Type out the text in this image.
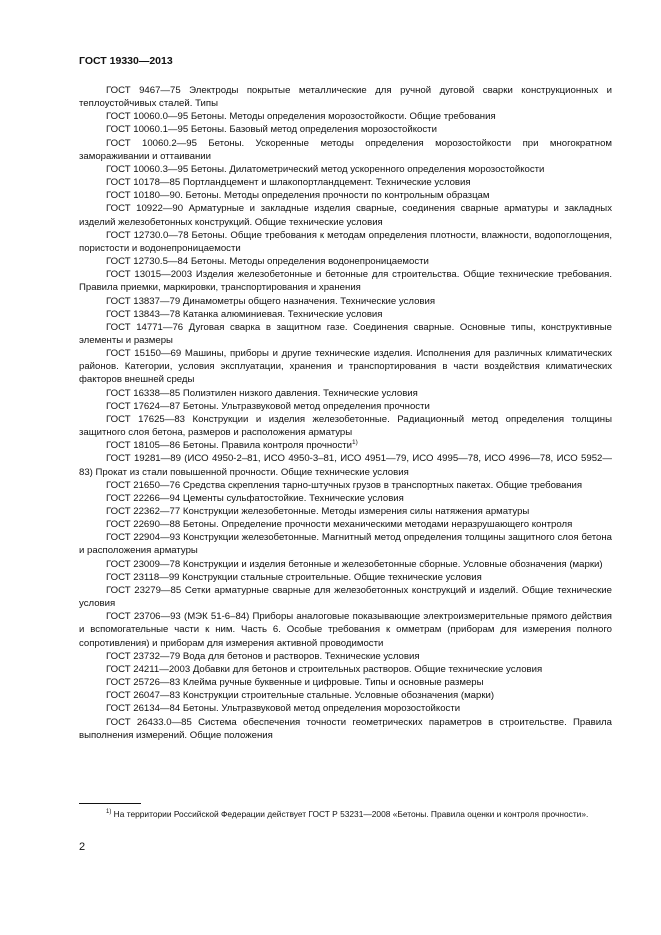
ГОСТ 19330—2013
ГОСТ 9467—75 Электроды покрытые металлические для ручной дуговой сварки конструкционных и теплоустойчивых сталей. Типы
ГОСТ 10060.0—95 Бетоны. Методы определения морозостойкости. Общие требования
ГОСТ 10060.1—95 Бетоны. Базовый метод определения морозостойкости
ГОСТ 10060.2—95 Бетоны. Ускоренные методы определения морозостойкости при многократном замораживании и оттаивании
ГОСТ 10060.3—95 Бетоны. Дилатометрический метод ускоренного определения морозостойкости
ГОСТ 10178—85 Портландцемент и шлакопортландцемент. Технические условия
ГОСТ 10180—90. Бетоны. Методы определения прочности по контрольным образцам
ГОСТ 10922—90 Арматурные и закладные изделия сварные, соединения сварные арматуры и закладных изделий железобетонных конструкций. Общие технические условия
ГОСТ 12730.0—78 Бетоны. Общие требования к методам определения плотности, влажности, водопоглощения, пористости и водонепроницаемости
ГОСТ 12730.5—84 Бетоны. Методы определения водонепроницаемости
ГОСТ 13015—2003 Изделия железобетонные и бетонные для строительства. Общие технические требования. Правила приемки, маркировки, транспортирования и хранения
ГОСТ 13837—79 Динамометры общего назначения. Технические условия
ГОСТ 13843—78 Катанка алюминиевая. Технические условия
ГОСТ 14771—76 Дуговая сварка в защитном газе. Соединения сварные. Основные типы, конструктивные элементы и размеры
ГОСТ 15150—69 Машины, приборы и другие технические изделия. Исполнения для различных климатических районов. Категории, условия эксплуатации, хранения и транспортирования в части воздействия климатических факторов внешней среды
ГОСТ 16338—85 Полиэтилен низкого давления. Технические условия
ГОСТ 17624—87 Бетоны. Ультразвуковой метод определения прочности
ГОСТ 17625—83 Конструкции и изделия железобетонные. Радиационный метод определения толщины защитного слоя бетона, размеров и расположения арматуры
ГОСТ 18105—86 Бетоны. Правила контроля прочности$^{1)}$
ГОСТ 19281—89 (ИСО 4950-2–81, ИСО 4950-3–81, ИСО 4951—79, ИСО 4995—78, ИСО 4996—78, ИСО 5952—83) Прокат из стали повышенной прочности. Общие технические условия
ГОСТ 21650—76 Средства скрепления тарно-штучных грузов в транспортных пакетах. Общие требования
ГОСТ 22266—94 Цементы сульфатостойкие. Технические условия
ГОСТ 22362—77 Конструкции железобетонные. Методы измерения силы натяжения арматуры
ГОСТ 22690—88 Бетоны. Определение прочности механическими методами неразрушающего контроля
ГОСТ 22904—93 Конструкции железобетонные. Магнитный метод определения толщины защитного слоя бетона и расположения арматуры
ГОСТ 23009—78 Конструкции и изделия бетонные и железобетонные сборные. Условные обозначения (марки)
ГОСТ 23118—99 Конструкции стальные строительные. Общие технические условия
ГОСТ 23279—85 Сетки арматурные сварные для железобетонных конструкций и изделий. Общие технические условия
ГОСТ 23706—93 (МЭК 51-6–84) Приборы аналоговые показывающие электроизмерительные прямого действия и вспомогательные части к ним. Часть 6. Особые требования к омметрам (приборам для измерения полного сопротивления) и приборам для измерения активной проводимости
ГОСТ 23732—79 Вода для бетонов и растворов. Технические условия
ГОСТ 24211—2003 Добавки для бетонов и строительных растворов. Общие технические условия
ГОСТ 25726—83 Клейма ручные буквенные и цифровые. Типы и основные размеры
ГОСТ 26047—83 Конструкции строительные стальные. Условные обозначения (марки)
ГОСТ 26134—84 Бетоны. Ультразвуковой метод определения морозостойкости
ГОСТ 26433.0—85 Система обеспечения точности геометрических параметров в строительстве. Правила выполнения измерений. Общие положения
$^{1)}$ На территории Российской Федерации действует ГОСТ Р 53231—2008 «Бетоны. Правила оценки и контроля прочности».
2
